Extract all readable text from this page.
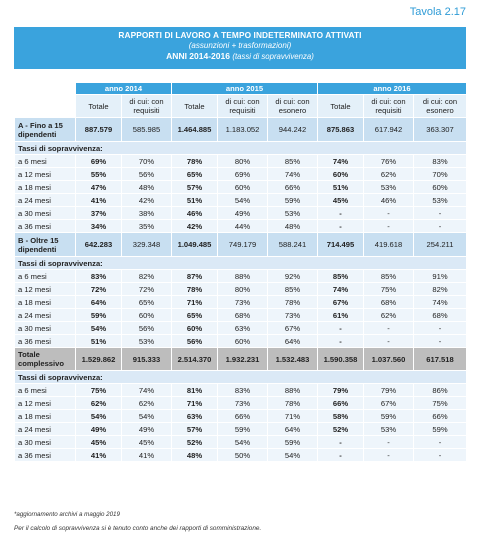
Tavola 2.17
RAPPORTI DI LAVORO A TEMPO INDETERMINATO ATTIVATI
(assunzioni + trasformazioni)
ANNI 2014-2016 (tassi di sopravvivenza)
	anno 2014		anno 2015			anno 2016		
	Totale	di cui: con requisiti	Totale	di cui: con requisiti	di cui: con esonero	Totale	di cui: con requisiti	di cui: con esonero
A - Fino a 15 dipendenti	887.579	585.985	1.464.885	1.183.052	944.242	875.863	617.942	363.307
Tassi di sopravvivenza:								
a 6 mesi	69%	70%	78%	80%	85%	74%	76%	83%
a 12 mesi	55%	56%	65%	69%	74%	60%	62%	70%
a 18 mesi	47%	48%	57%	60%	66%	51%	53%	60%
a 24 mesi	41%	42%	51%	54%	59%	45%	46%	53%
a 30 mesi	37%	38%	46%	49%	53%	-	-	-
a 36 mesi	34%	35%	42%	44%	48%	-	-	-
B - Oltre 15 dipendenti	642.283	329.348	1.049.485	749.179	588.241	714.495	419.618	254.211
Tassi di sopravvivenza:								
a 6 mesi	83%	82%	87%	88%	92%	85%	85%	91%
a 12 mesi	72%	72%	78%	80%	85%	74%	75%	82%
a 18 mesi	64%	65%	71%	73%	78%	67%	68%	74%
a 24 mesi	59%	60%	65%	68%	73%	61%	62%	68%
a 30 mesi	54%	56%	60%	63%	67%	-	-	-
a 36 mesi	51%	53%	56%	60%	64%	-	-	-
Totale complessivo	1.529.862	915.333	2.514.370	1.932.231	1.532.483	1.590.358	1.037.560	617.518
Tassi di sopravvivenza:								
a 6 mesi	75%	74%	81%	83%	88%	79%	79%	86%
a 12 mesi	62%	62%	71%	73%	78%	66%	67%	75%
a 18 mesi	54%	54%	63%	66%	71%	58%	59%	66%
a 24 mesi	49%	49%	57%	59%	64%	52%	53%	59%
a 30 mesi	45%	45%	52%	54%	59%	-	-	-
a 36 mesi	41%	41%	48%	50%	54%	-	-	-
*aggiornamento archivi a maggio 2019
Per il calcolo di sopravvivenza si è tenuto conto anche dei rapporti di somministrazione.
